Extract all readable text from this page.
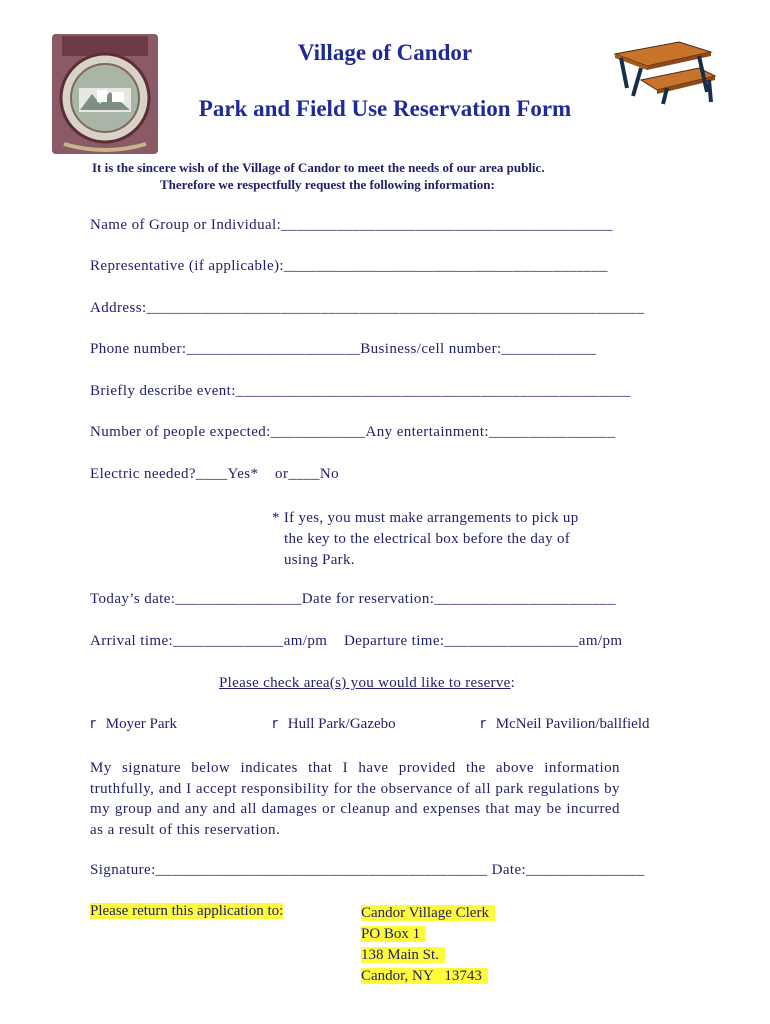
Village of Candor
Park and Field Use Reservation Form
It is the sincere wish of the Village of Candor to meet the needs of our area public.
Therefore we respectfully request the following information:
Name of Group or Individual:__________________________________________
Representative (if applicable):_________________________________________
Address:_______________________________________________________________
Phone number:______________________Business/cell number:____________
Briefly describe event:__________________________________________________
Number of people expected:____________Any entertainment:________________
Electric needed?____Yes*    or____No
* If yes, you must make arrangements to pick up
the key to the electrical box before the day of
using Park.
Today’s date:________________Date for reservation:_______________________
Arrival time:______________am/pm    Departure time:_________________am/pm
Please check area(s) you would like to reserve:
r Moyer Park	r Hull Park/Gazebo	r McNeil Pavilion/ballfield
My signature below indicates that I have provided the above information truthfully, and I accept responsibility for the observance of all park regulations by my group and any and all damages or cleanup and expenses that may be incurred as a result of this reservation.
Signature:__________________________________________ Date:_______________
Please return this application to:	Candor Village Clerk
PO Box 1
138 Main St.
Candor, NY   13743
